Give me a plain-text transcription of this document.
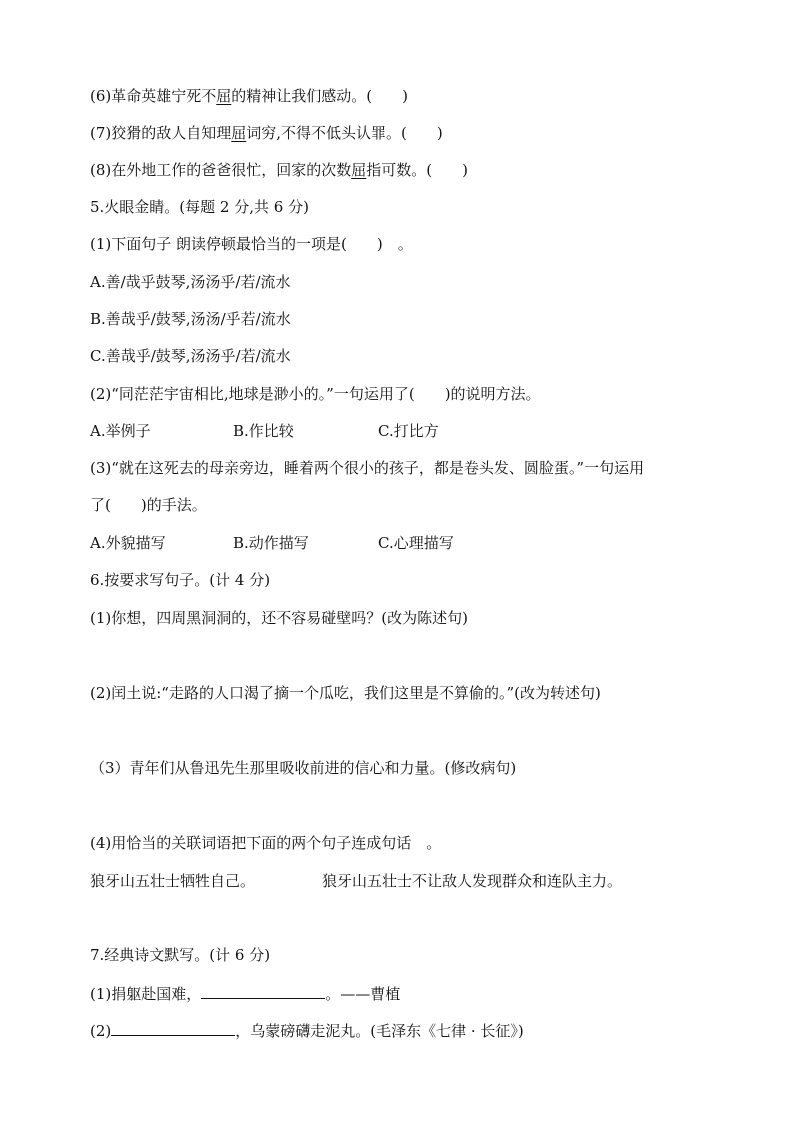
(6)革命英雄宁死不屈的精神让我们感动。(　　)
(7)狡猾的敌人自知理屈词穷,不得不低头认罪。(　　)
(8)在外地工作的爸爸很忙，回家的次数屈指可数。(　　)
5.火眼金睛。(每题 2 分,共 6 分)
(1)下面句子 朗读停顿最恰当的一项是(　　)　。
A.善/哉乎鼓琴,汤汤乎/若/流水
B.善哉乎/鼓琴,汤汤/乎若/流水
C.善哉乎/鼓琴,汤汤乎/若/流水
(2)“同茫茫宇宙相比,地球是渺小的。”一句运用了(　　)的说明方法。
A.举例子	B.作比较	C.打比方
(3)“就在这死去的母亲旁边，睡着两个很小的孩子，都是卷头发、圆脸蛋。”一句运用
了(　　)的手法。
A.外貌描写	B.动作描写	C.心理描写
6.按要求写句子。(计 4 分)
(1)你想，四周黑洞洞的，还不容易碰壁吗？(改为陈述句)
(2)闰土说:“走路的人口渴了摘一个瓜吃，我们这里是不算偷的。”(改为转述句)
（3）青年们从鲁迅先生那里吸收前进的信心和力量。(修改病句)
(4)用恰当的关联词语把下面的两个句子连成句话　。
狼牙山五壮士牺牲自己。	狼牙山五壮士不让敌人发现群众和连队主力。
7.经典诗文默写。(计 6 分)
(1)捐躯赴国难，	。——曹植
(2)	，乌蒙磅礴走泥丸。(毛泽东《七律 · 长征》)
